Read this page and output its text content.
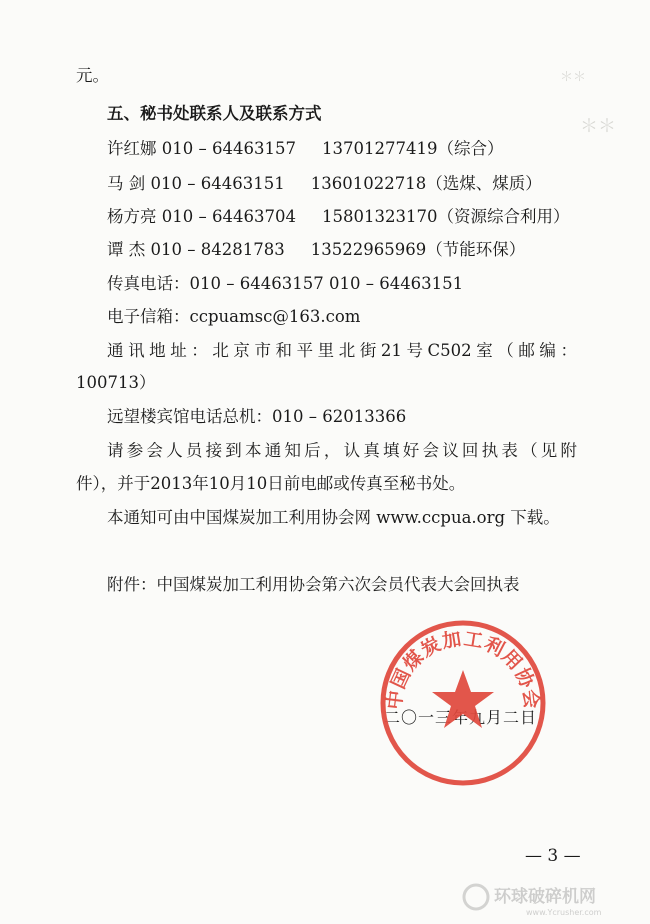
＊＊
＊＊
元。
五、秘书处联系人及联系方式
许红娜 010 – 64463157 13701277419（综合）
马 剑 010 – 64463151 13601022718（选煤、煤质）
杨方亮 010 – 64463704 15801323170（资源综合利用）
谭 杰 010 – 84281783 13522965969（节能环保）
传真电话：010 – 64463157 010 – 64463151
电子信箱：ccpuamsc@163.com
通讯地址：北京市和平里北街21号C502室（邮编：
100713）
远望楼宾馆电话总机：010 – 62013366
请参会人员接到本通知后，认真填好会议回执表（见附
件），并于2013年10月10日前电邮或传真至秘书处。
本通知可由中国煤炭加工利用协会网 www.ccpua.org 下载。
附件：中国煤炭加工利用协会第六次会员代表大会回执表
二〇一三年九月二日
中国煤炭加工利用协会
— 3 —
环球破碎机网
www.Ycrusher.com
